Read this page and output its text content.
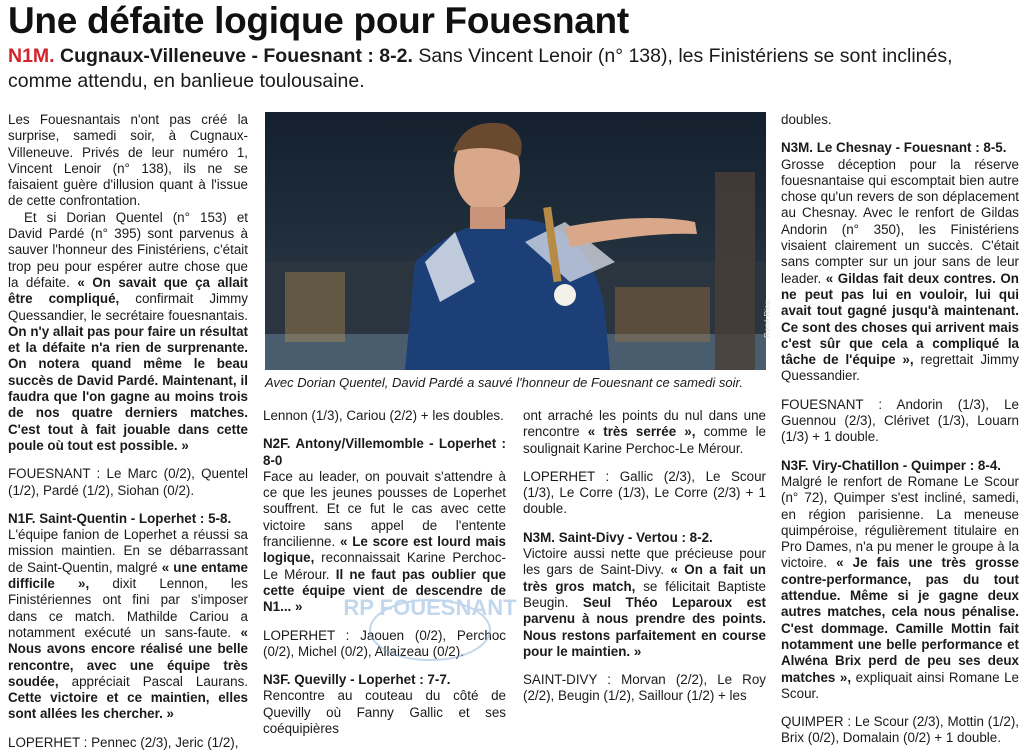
Une défaite logique pour Fouesnant
N1M. Cugnaux-Villeneuve - Fouesnant : 8-2. Sans Vincent Lenoir (n° 138), les Finistériens se sont inclinés, comme attendu, en banlieue toulousaine.

Les Fouesnantais n'ont pas créé la surprise, samedi soir, à Cugnaux-Villeneuve. Privés de leur numéro 1, Vincent Lenoir (n° 138), ils ne se faisaient guère d'illusion quant à l'issue de cette confrontation.

Et si Dorian Quentel (n° 153) et David Pardé (n° 395) sont parvenus à sauver l'honneur des Finistériens, c'était trop peu pour espérer autre chose que la défaite. « On savait que ça allait être compliqué, confirmait Jimmy Quessandier, le secrétaire fouesnantais. On n'y allait pas pour faire un résultat et la défaite n'a rien de surprenante. On notera quand même le beau succès de David Pardé. Maintenant, il faudra que l'on gagne au moins trois de nos quatre derniers matches. C'est tout à fait jouable dans cette poule où tout est possible. »

FOUESNANT : Le Marc (0/2), Quentel (1/2), Pardé (1/2), Siohan (0/2).

N1F. Saint-Quentin - Loperhet : 5-8.

L'équipe fanion de Loperhet a réussi sa mission maintien. En se débarrassant de Saint-Quentin, malgré « une entame difficile », dixit Lennon, les Finistériennes ont fini par s'imposer dans ce match. Mathilde Cariou a notamment exécuté un sans-faute. « Nous avons encore réalisé une belle rencontre, avec une équipe très soudée, appréciait Pascal Laurans. Cette victoire et ce maintien, elles sont allées les chercher. »

LOPERHET : Pennec (2/3), Jeric (1/2),

René Riou
Avec Dorian Quentel, David Pardé a sauvé l'honneur de Fouesnant ce samedi soir.

Lennon (1/3), Cariou (2/2) + les doubles.

N2F. Antony/Villemomble - Loperhet : 8-0

Face au leader, on pouvait s'attendre à ce que les jeunes pousses de Loperhet souffrent. Et ce fut le cas avec cette victoire sans appel de l'entente francilienne. « Le score est lourd mais logique, reconnaissait Karine Perchoc-Le Mérour. Il ne faut pas oublier que cette équipe vient de descendre de N1... »

LOPERHET : Jaouen (0/2), Perchoc (0/2), Michel (0/2), Allaizeau (0/2).

N3F. Quevilly - Loperhet : 7-7.

Rencontre au couteau du côté de Quevilly où Fanny Gallic et ses coéquipières

ont arraché les points du nul dans une rencontre « très serrée », comme le soulignait Karine Perchoc-Le Mérour.

LOPERHET : Gallic (2/3), Le Scour (1/3), Le Corre (1/3), Le Corre (2/3) + 1 double.

N3M. Saint-Divy - Vertou : 8-2.

Victoire aussi nette que précieuse pour les gars de Saint-Divy. « On a fait un très gros match, se félicitait Baptiste Beugin. Seul Théo Leparoux est parvenu à nous prendre des points. Nous restons parfaitement en course pour le maintien. »

SAINT-DIVY : Morvan (2/2), Le Roy (2/2), Beugin (1/2), Saillour (1/2) + les

doubles.

N3M. Le Chesnay - Fouesnant : 8-5.

Grosse déception pour la réserve fouesnantaise qui escomptait bien autre chose qu'un revers de son déplacement au Chesnay. Avec le renfort de Gildas Andorin (n° 350), les Finistériens visaient clairement un succès. C'était sans compter sur un jour sans de leur leader. « Gildas fait deux contres. On ne peut pas lui en vouloir, lui qui avait tout gagné jusqu'à maintenant. Ce sont des choses qui arrivent mais c'est sûr que cela a compliqué la tâche de l'équipe », regrettait Jimmy Quessandier.

FOUESNANT : Andorin (1/3), Le Guennou (2/3), Clérivet (1/3), Louarn (1/3) + 1 double.

N3F. Viry-Chatillon - Quimper : 8-4.

Malgré le renfort de Romane Le Scour (n° 72), Quimper s'est incliné, samedi, en région parisienne. La meneuse quimpéroise, régulièrement titulaire en Pro Dames, n'a pu mener le groupe à la victoire. « Je fais une très grosse contre-performance, pas du tout attendue. Même si je gagne deux autres matches, cela nous pénalise. C'est dommage. Camille Mottin fait notamment une belle performance et Alwéna Brix perd de peu ses deux matches », expliquait ainsi Romane Le Scour.

QUIMPER : Le Scour (2/3), Mottin (1/2), Brix (0/2), Domalain (0/2) + 1 double.

RP FOUESNANT
